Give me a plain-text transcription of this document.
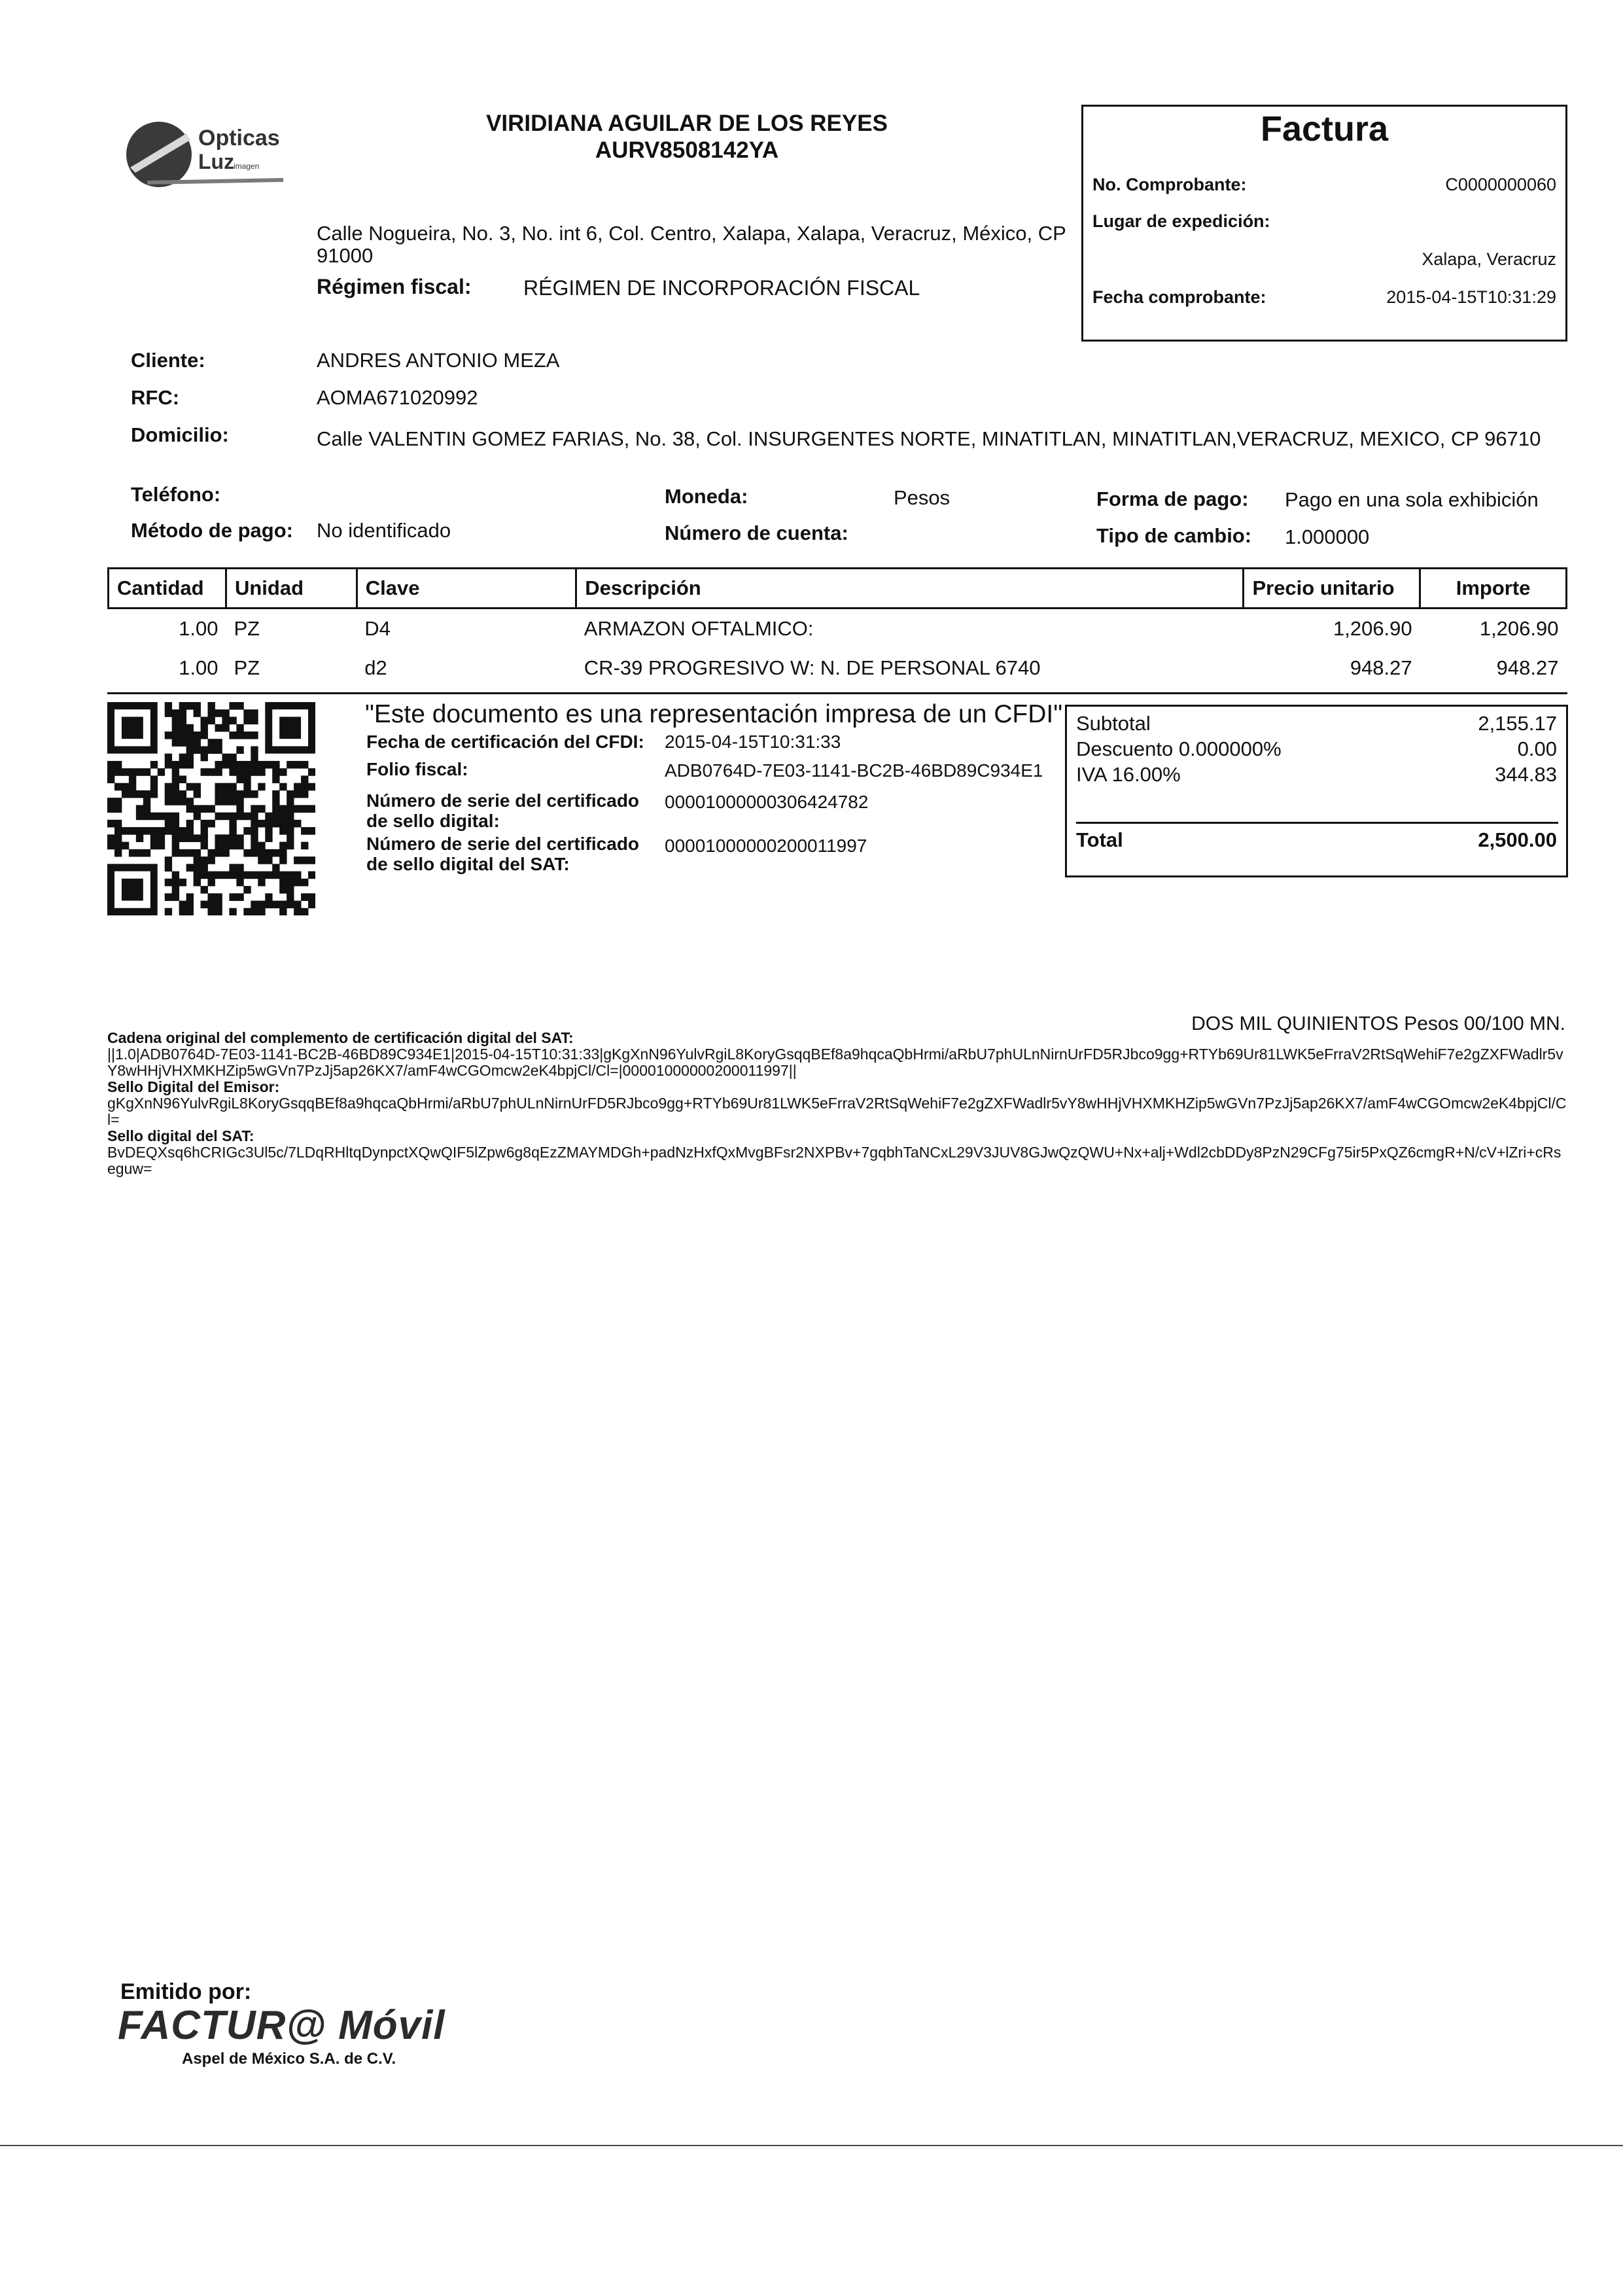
Opticas
Luz
imagen
VIRIDIANA AGUILAR DE LOS REYES
AURV8508142YA
Calle Nogueira, No. 3, No. int 6, Col. Centro, Xalapa, Xalapa, Veracruz, México, CP 91000
Régimen fiscal: RÉGIMEN DE INCORPORACIÓN FISCAL
Factura
No. Comprobante:	C0000000060
Lugar de expedición:
Xalapa, Veracruz
Fecha comprobante:	2015-04-15T10:31:29
Cliente:	ANDRES ANTONIO MEZA
RFC:	AOMA671020992
Domicilio:	Calle VALENTIN GOMEZ FARIAS, No. 38, Col. INSURGENTES NORTE, MINATITLAN, MINATITLAN,VERACRUZ, MEXICO, CP 96710
Teléfono:
Método de pago: No identificado
Moneda:	Pesos
Número de cuenta:
Forma de pago: Pago en una sola exhibición
Tipo de cambio: 1.000000
Cantidad	Unidad	Clave	Descripción	Precio unitario	Importe
1.00	PZ	D4	ARMAZON OFTALMICO:	1,206.90	1,206.90
1.00	PZ	d2	CR-39 PROGRESIVO W: N. DE PERSONAL 6740	948.27	948.27
"Este documento es una representación impresa de un CFDI"
Fecha de certificación del CFDI: 2015-04-15T10:31:33
Folio fiscal:	ADB0764D-7E03-1141-BC2B-46BD89C934E1
Número de serie del certificado de sello digital:
00001000000306424782
Número de serie del certificado de sello digital del SAT:
00001000000200011997
Subtotal	2,155.17
Descuento 0.000000%	0.00
IVA 16.00%	344.83
Total	2,500.00
DOS MIL QUINIENTOS Pesos 00/100 MN.
Cadena original del complemento de certificación digital del SAT:
||1.0|ADB0764D-7E03-1141-BC2B-46BD89C934E1|2015-04-15T10:31:33|gKgXnN96YulvRgiL8KoryGsqqBEf8a9hqcaQbHrmi/aRbU7phULnNirnUrFD5RJbco9gg+RTYb69Ur81LWK5eFrraV2RtSqWehiF7e2gZXFWadlr5vY8wHHjVHXMKHZip5wGVn7PzJj5ap26KX7/amF4wCGOmcw2eK4bpjCl/Cl=|00001000000200011997||
Sello Digital del Emisor:
gKgXnN96YulvRgiL8KoryGsqqBEf8a9hqcaQbHrmi/aRbU7phULnNirnUrFD5RJbco9gg+RTYb69Ur81LWK5eFrraV2RtSqWehiF7e2gZXFWadlr5vY8wHHjVHXMKHZip5wGVn7PzJj5ap26KX7/amF4wCGOmcw2eK4bpjCl/Cl=
Sello digital del SAT:
BvDEQXsq6hCRIGc3Ul5c/7LDqRHltqDynpctXQwQIF5lZpw6g8qEzZMAYMDGh+padNzHxfQxMvgBFsr2NXPBv+7gqbhTaNCxL29V3JUV8GJwQzQWU+Nx+alj+Wdl2cbDDy8PzN29CFg75ir5PxQZ6cmgR+N/cV+lZri+cRseguw=
Emitido por:
FACTUR@ Móvil
Aspel de México S.A. de C.V.
